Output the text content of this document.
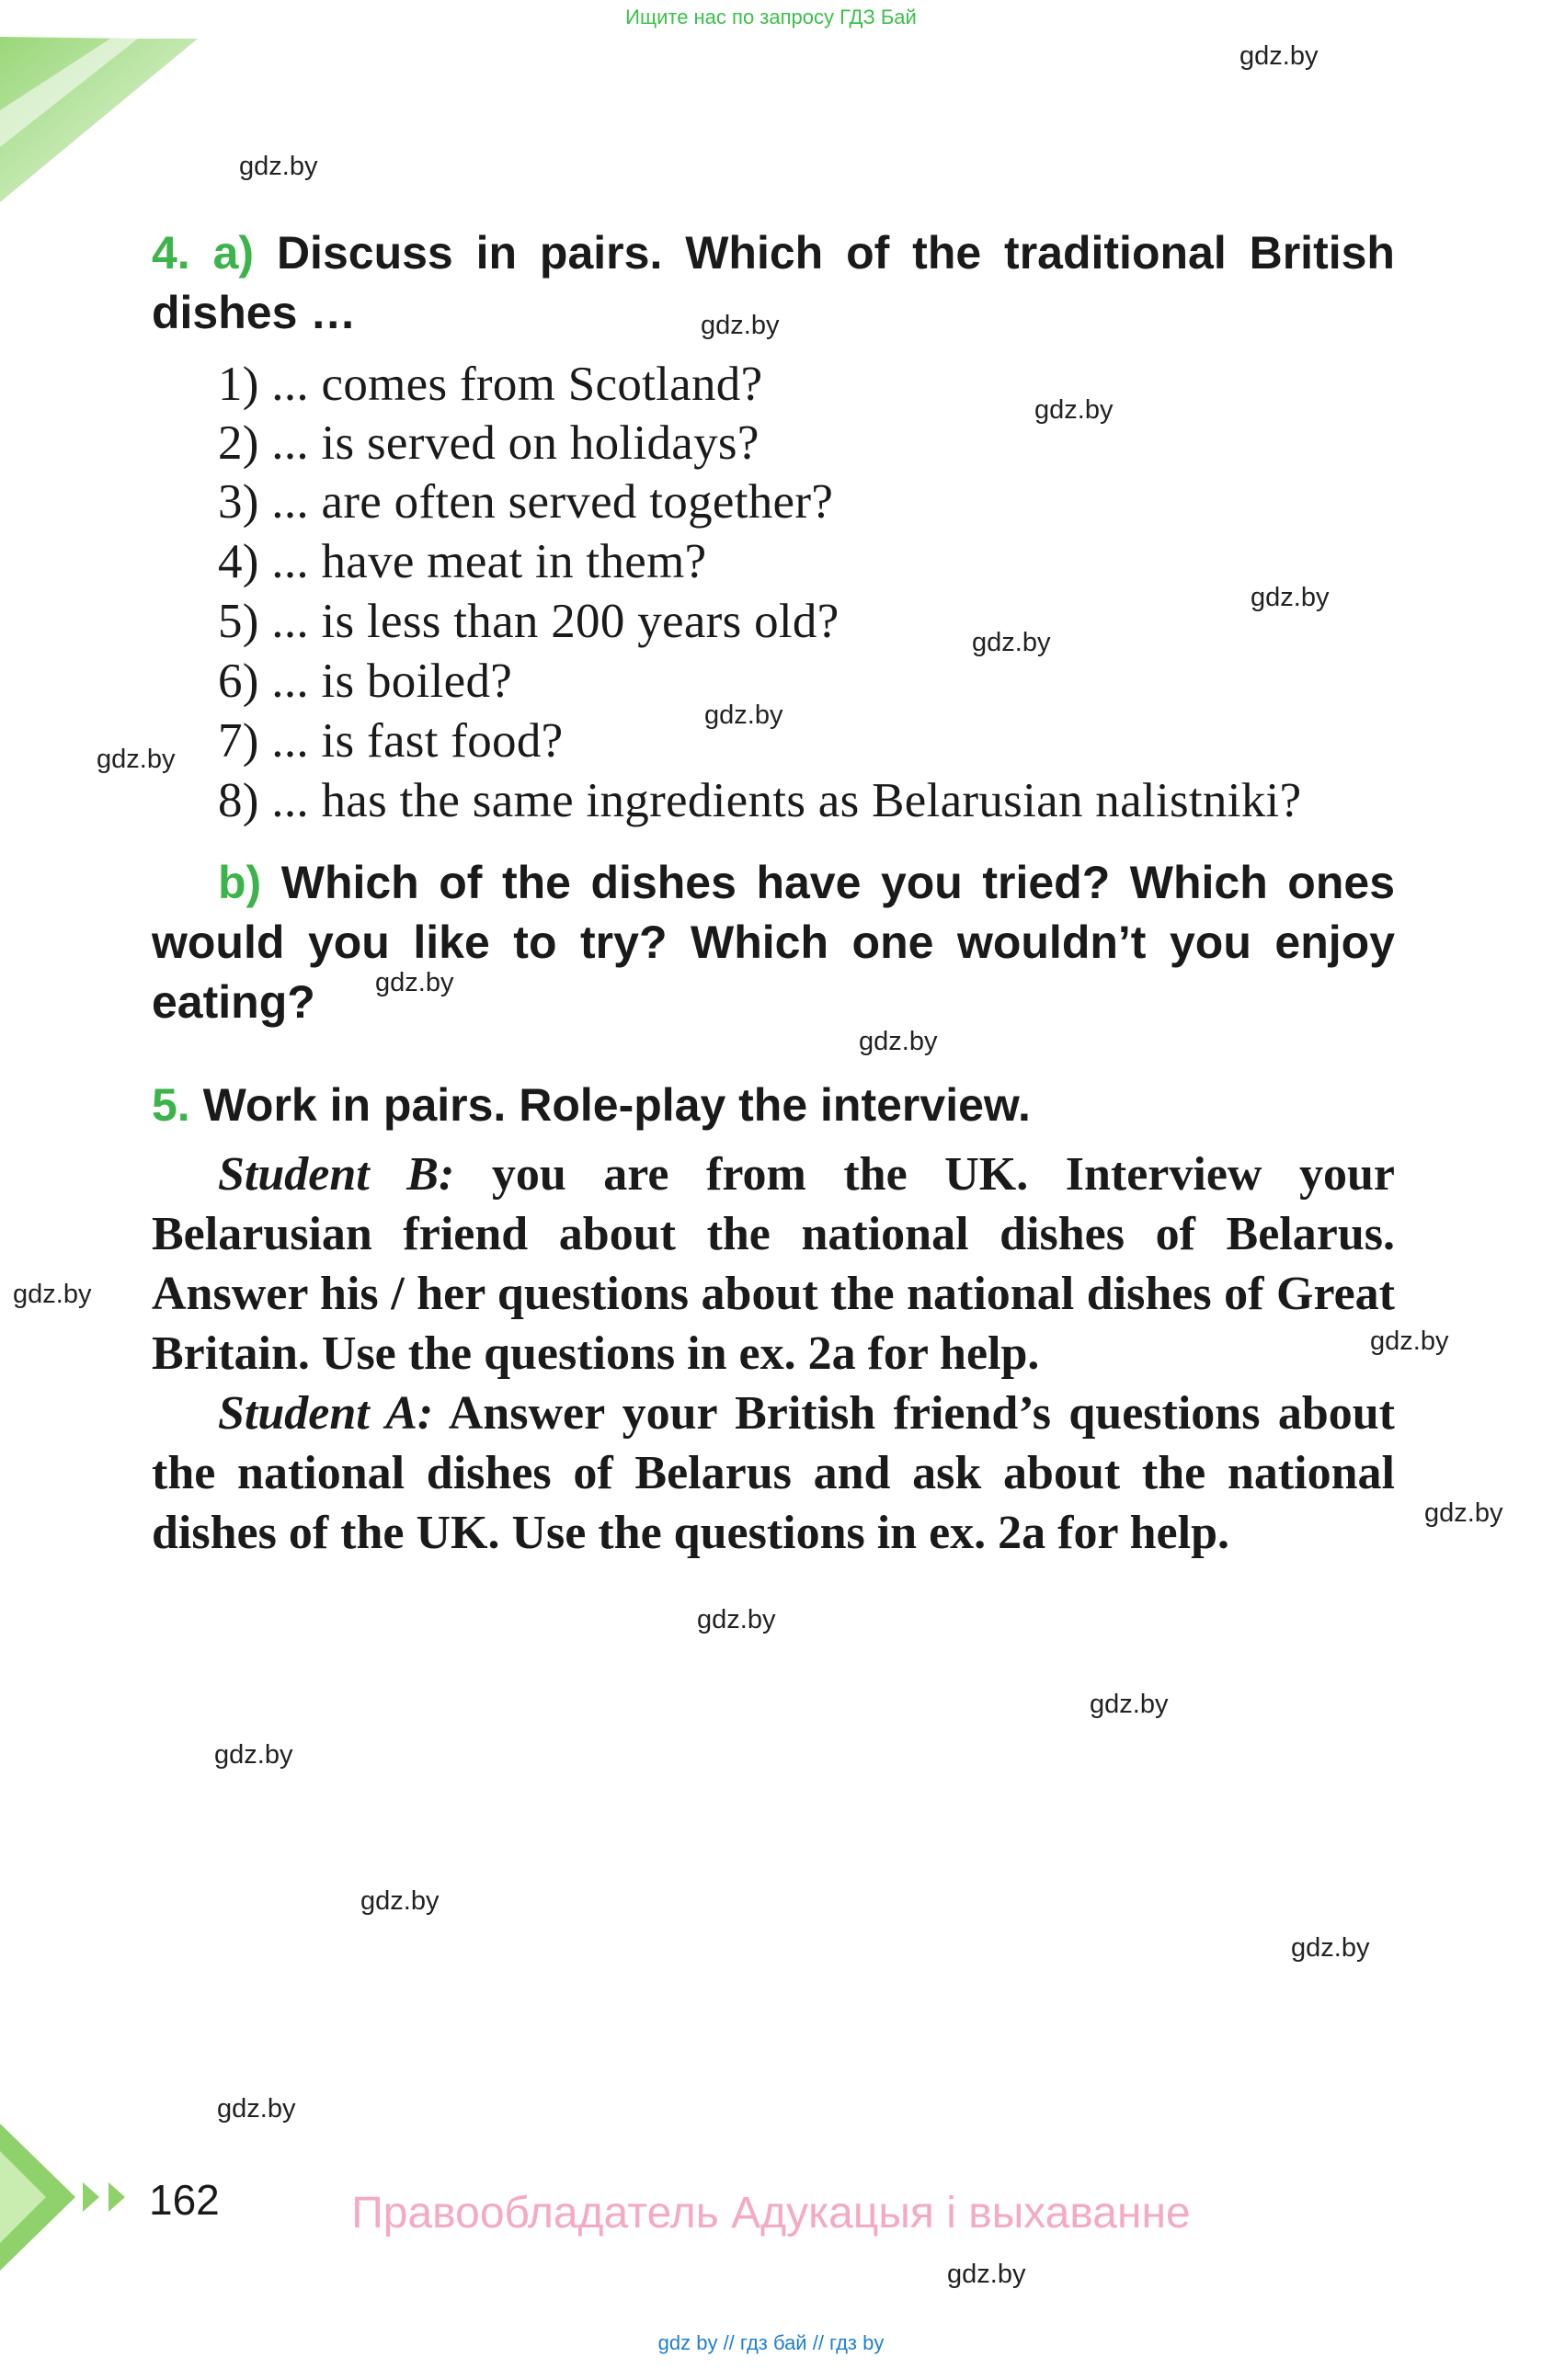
Ищите нас по запросу ГДЗ Бай
gdz.by
gdz.by
gdz.by
gdz.by
gdz.by
gdz.by
gdz.by
gdz.by
gdz.by
gdz.by
gdz.by
gdz.by
gdz.by
gdz.by
gdz.by
gdz.by
gdz.by
gdz.by
gdz.by
gdz.by
4. a) Discuss in pairs. Which of the traditional British dishes …
1) ... comes from Scotland?
2) ... is served on holidays?
3) ... are often served together?
4) ... have meat in them?
5) ... is less than 200 years old?
6) ... is boiled?
7) ... is fast food?
8) ... has the same ingredients as Belarusian nalistniki?
b) Which of the dishes have you tried? Which ones would you like to try? Which one wouldn’t you enjoy eating?
5. Work in pairs. Role-play the interview.
Student B: you are from the UK. Interview your Belarusian friend about the national dishes of Belarus. Answer his / her questions about the national dishes of Great Britain. Use the questions in ex. 2a for help.
Student A: Answer your British friend’s questions about the national dishes of Belarus and ask about the national dishes of the UK. Use the questions in ex. 2a for help.
162	Правообладатель Адукацыя і выхаванне
gdz by // гдз бай // гдз by
